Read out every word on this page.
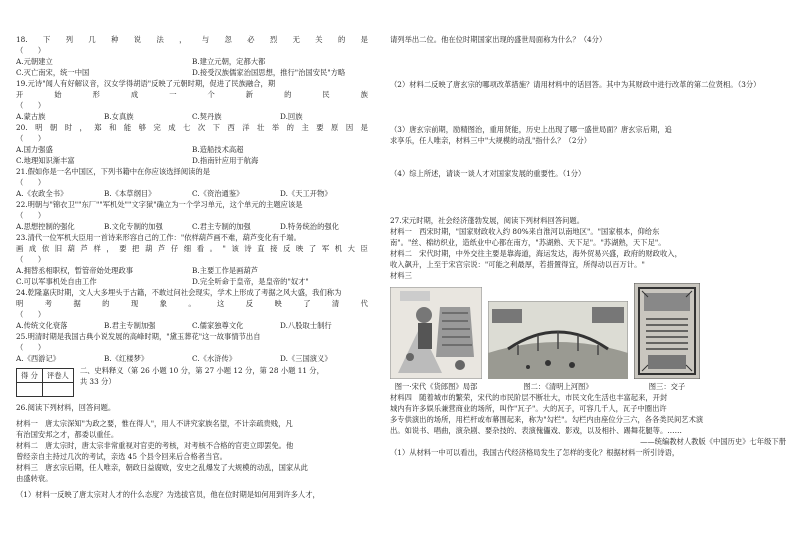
18. 下 列 几 种 说 法 ， 与 忽 必 烈 无 关 的 是
（　　）
A.元朝建立	B.建立元朝，定都大都
C.灭亡南宋，统一中国	D.接受汉族儒家治国思想，推行"治国安民"方略
19.元诗"闻人有好解议音，汉女学得胡语"反映了元朝时期，促进了民族融合，期
开	始	形	成	一	个	新	的	民	族
（　　）
A.蒙古族	B.女真族	C.契丹族	D.回族
20. 明 朝 时 ， 郑 和 能 够 完 成 七 次 下 西 洋 壮 举 的 主 要 原 因 是
（　　）
A.国力强盛	B.造船技术高超
C.地理知识渐丰富	D.指南针应用于航海
21.假如你是一名中国区，下列书籍中在你应该选择阅读的是
（　　）
A.《农政全书》	B.《本草纲目》	C.《资治通鉴》	D.《天工开物》
22.明朝与"锦衣卫""东厂""军机处""文字狱"确立为一个学习单元，这个单元的主题应该是
（　　）
A.思想控制的强化	B.文化专制的加强	C.君主专制的加强	D.特务统治的强化
23.清代一位军机大臣用一首诗来形容自己的工作："依样葫芦画不难，葫芦变化有千端。
画 成 依 旧 葫 芦 样 ， 要 把 葫 芦 仔 细 看 。 " 该 诗 直 接 反 映 了 军 机 大 臣
（　　）
A.拥替丞相职权，暂管帝始处理政事	B.主要工作是画葫芦
C.可以军事机处自由工作	D.完全听命于皇帝，是皇帝的"奴才"
24.乾隆嘉庆时期，文人大多埋头于古籍，不敢过问社会现实，学术上形成了考据之风大盛，我们称为
明	考	据	的	现	象	。	这	反	映	了	清	代
（　　）
A.传统文化衰落	B.君主专制加强	C.儒家独尊文化	D.八股取士制行
25.明清时期是我国古典小说发展的高峰时期，"黛玉葬花"这一故事情节出自
（　　）
A.《西游记》	B.《红楼梦》	C.《水浒传》	D.《三国演义》
得 分	评卷人

二、史料释义（第 26 小题 10 分，第 27 小题 12 分，第 28 小题 11 分，
共 33 分）
26.阅读下列材料，回答问题。
材料一　唐太宗深知"为政之要，惟在得人"，用人不讲究家族名望，不计亲疏贵贱，凡
有治国安邦之才，都委以重任。
材料二　唐太宗时，唐太宗非常重视对官吏的考核，对考核不合格的官吏立即罢免。他
曾经亲自主持过几次的考试，亲选 45 个县令回来后合格者当官。
材料三　唐玄宗后期，任人唯亲，朝政日益腐败，安史之乱爆发了大规模的动乱，国家从此
由盛转衰。
（1）材料一反映了唐太宗对人才的什么态度？为选拔官员，他在位时期是如何用到许多人才，
请列举出二位。他在位时期国家出现的盛世局面称为什么？（4分）
（2）材料二反映了唐玄宗的哪项改革措施？请用材料中的话回答。其中为其财政中进行改革的第二位贤相。（3分）
（3）唐玄宗前期，励精图治，重用贤能，历史上出现了哪一盛世局面？唐玄宗后期，追
求享乐，任人唯亲，材料三中"大规模的动乱"指什么？（2分）
（4）综上所述，请谈一谈人才对国家发展的重要性。（1分）
27.宋元时期，社会经济蓬勃发展，阅读下列材料回答问题。
材料一　西宋时期，"国家财政收入约 80%来自淮河以南地区"。"国家根本，仰给东
南"。"丝、棉纺织业，造纸业中心都在南方，"苏湖熟、天下足"。"苏湖熟，天下足"。
材料二　宋代时期，中外交往主要是靠海道，海运发达，海外贸易兴盛，政府的财政收入，
收入飙升，上至于宋宫宗说："可能之利最厚，若措置得宜，所得动以百万计。"
材料三
图一·宋代《货郎图》局部	图二：《清明上河图》	图三：交子
材料四　随着城市的繁荣，宋代的市民阶层不断壮大，市民文化生活也丰富起来，开封
城内有许多娱乐兼营商业的场所，叫作"瓦子"。大的瓦子，可容几千人，瓦子中圈出许
多专供演出的场所，用栏杆或布幕围起来，称为"勾栏"。勾栏内由座位分三六，各各类民间艺术演
出。如说书、唱曲，演杂剧、要杂技的、表演傀儡戏、影戏，以及相扑、踢舞花腿等。……
——统编教材人教版《中国历史》七年级下册
（1）从材料一中可以看出，我国古代经济格局发生了怎样的变化？根据材料一所引诗语，
